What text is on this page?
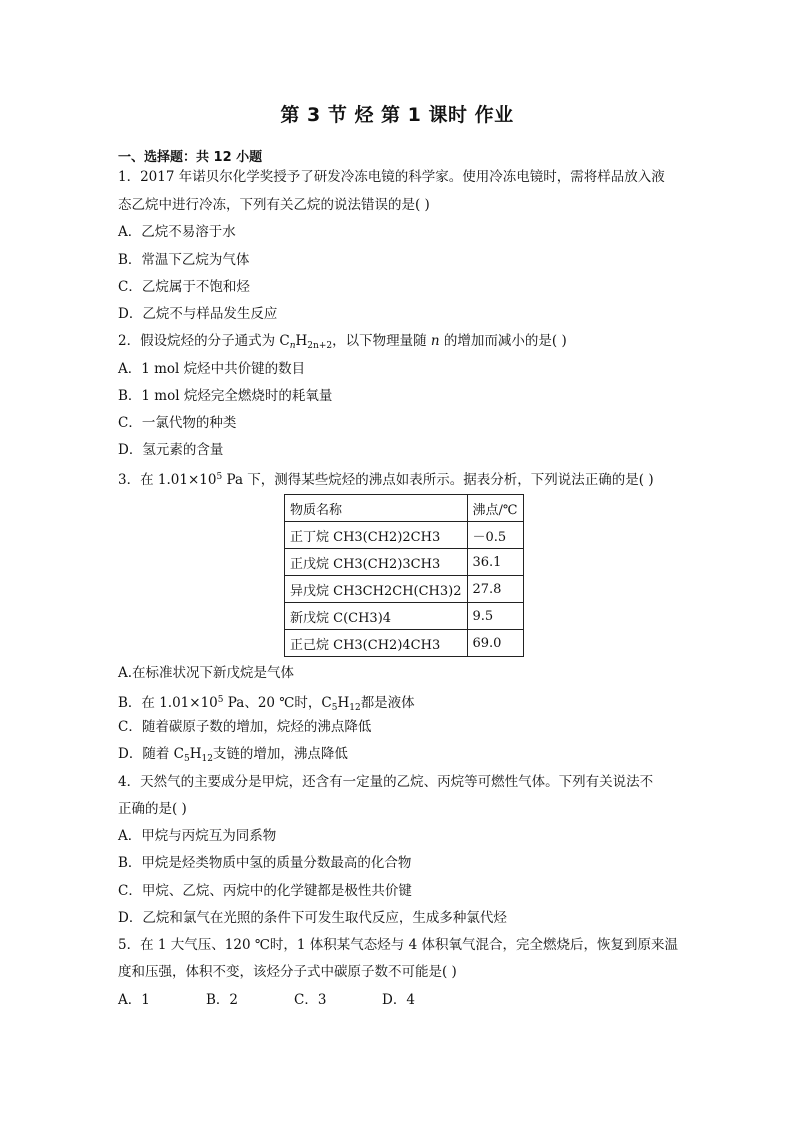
第 3 节 烃 第 1 课时 作业
一、选择题：共 12 小题
1．2017 年诺贝尔化学奖授予了研发冷冻电镜的科学家。使用冷冻电镜时，需将样品放入液
态乙烷中进行冷冻，下列有关乙烷的说法错误的是( )
A．乙烷不易溶于水
B．常温下乙烷为气体
C．乙烷属于不饱和烃
D．乙烷不与样品发生反应
2．假设烷烃的分子通式为 $C_nH_{2n+2}$，以下物理量随 n 的增加而减小的是( )
A．1 mol 烷烃中共价键的数目
B．1 mol 烷烃完全燃烧时的耗氧量
C．一氯代物的种类
D．氢元素的含量
3．在 $1.01\times 10^5$ Pa 下，测得某些烷烃的沸点如表所示。据表分析，下列说法正确的是( )
物质名称	沸点/℃
正丁烷 CH3(CH2)2CH3	－0.5
正戊烷 CH3(CH2)3CH3	36.1
异戊烷 CH3CH2CH(CH3)2	27.8
新戊烷 C(CH3)4	9.5
正己烷 CH3(CH2)4CH3	69.0
A.在标准状况下新戊烷是气体
B．在 $1.01\times 10^5$ Pa、20 ℃时，$C_5H_{12}$都是液体
C．随着碳原子数的增加，烷烃的沸点降低
D．随着 $C_5H_{12}$支链的增加，沸点降低
4．天然气的主要成分是甲烷，还含有一定量的乙烷、丙烷等可燃性气体。下列有关说法不
正确的是( )
A．甲烷与丙烷互为同系物
B．甲烷是烃类物质中氢的质量分数最高的化合物
C．甲烷、乙烷、丙烷中的化学键都是极性共价键
D．乙烷和氯气在光照的条件下可发生取代反应，生成多种氯代烃
5．在 1 大气压、120 ℃时，1 体积某气态烃与 4 体积氧气混合，完全燃烧后，恢复到原来温
度和压强，体积不变，该烃分子式中碳原子数不可能是( )
A．1	B．2	C．3	D．4
